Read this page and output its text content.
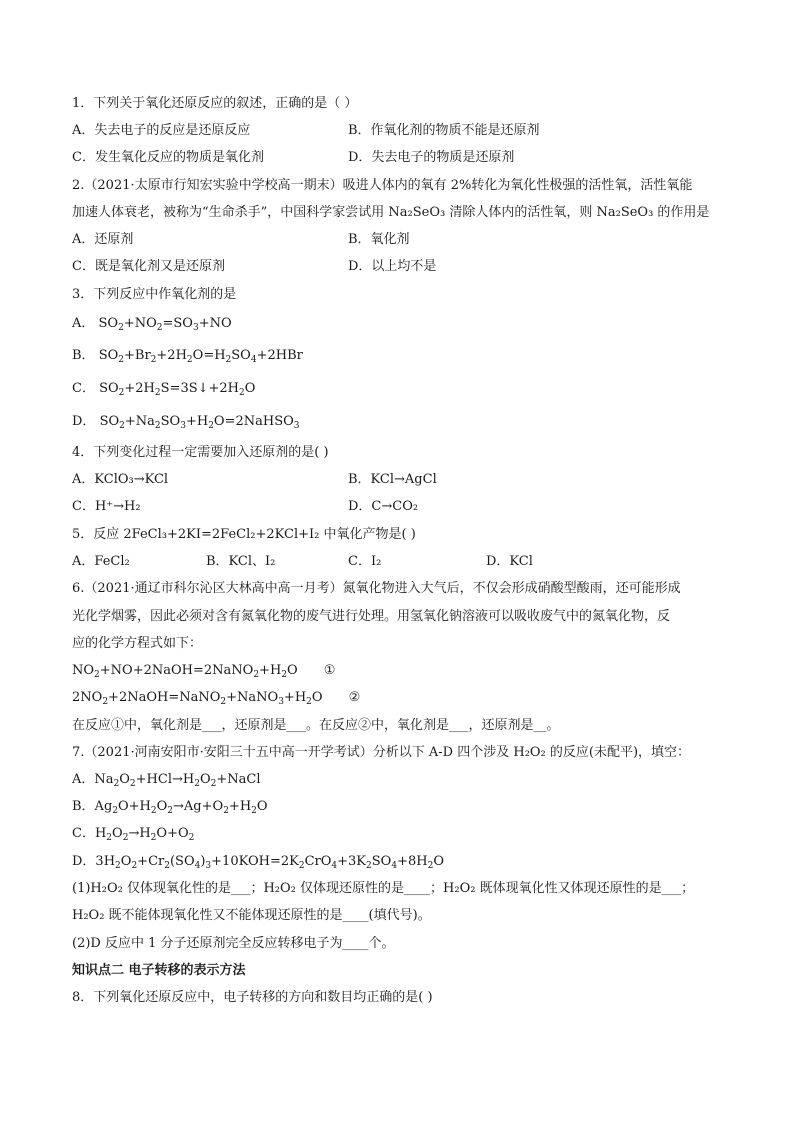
1．下列关于氧化还原反应的叙述，正确的是（ ）
A．失去电子的反应是还原反应	B．作氧化剂的物质不能是还原剂
C．发生氧化反应的物质是氧化剂	D．失去电子的物质是还原剂
2.（2021·太原市行知宏实验中学校高一期末）吸进人体内的氧有 2%转化为氧化性极强的活性氧，活性氧能
加速人体衰老，被称为“生命杀手”，中国科学家尝试用 Na₂SeO₃ 清除人体内的活性氧，则 Na₂SeO₃ 的作用是
A．还原剂	B．氧化剂
C．既是氧化剂又是还原剂	D．以上均不是
3．下列反应中作氧化剂的是
A． $SO_2+NO_2=SO_3+NO$
B． $SO_2+Br_2+2H_2O=H_2SO_4+2HBr$
C． $SO_2+2H_2S=3S↓+2H_2O$
D． $SO_2+Na_2SO_3+H_2O=2NaHSO_3$
4．下列变化过程一定需要加入还原剂的是( )
A．KClO₃→KCl	B．KCl→AgCl
C．H⁺→H₂	D．C→CO₂
5．反应 2FeCl₃+2KI=2FeCl₂+2KCl+I₂ 中氧化产物是( )
A．FeCl₂	B．KCl、I₂	C．I₂	D．KCl
6.（2021·通辽市科尔沁区大林高中高一月考）氮氧化物进入大气后，不仅会形成硝酸型酸雨，还可能形成
光化学烟雾，因此必须对含有氮氧化物的废气进行处理。用氢氧化钠溶液可以吸收废气中的氮氧化物，反
应的化学方程式如下：
$NO_2+NO+2NaOH=2NaNO_2+H_2O$ ①
$2NO_2+2NaOH=NaNO_2+NaNO_3+H_2O$ ②
在反应①中，氧化剂是___，还原剂是___。在反应②中，氧化剂是___，还原剂是__。
7.（2021·河南安阳市·安阳三十五中高一开学考试）分析以下 A-D 四个涉及 H₂O₂ 的反应(未配平)，填空：
A．$Na_2O_2+HCl\to H_2O_2+NaCl$
B．$Ag_2O+H_2O_2\to Ag+O_2+H_2O$
C．$H_2O_2\to H_2O+O_2$
D．$3H_2O_2+Cr_2(SO_4)_3+10KOH=2K_2CrO_4+3K_2SO_4+8H_2O$
(1)H₂O₂ 仅体现氧化性的是___；H₂O₂ 仅体现还原性的是____；H₂O₂ 既体现氧化性又体现还原性的是___；
H₂O₂ 既不能体现氧化性又不能体现还原性的是____(填代号)。
(2)D 反应中 1 分子还原剂完全反应转移电子为____个。
知识点二 电子转移的表示方法
8．下列氧化还原反应中，电子转移的方向和数目均正确的是( )
